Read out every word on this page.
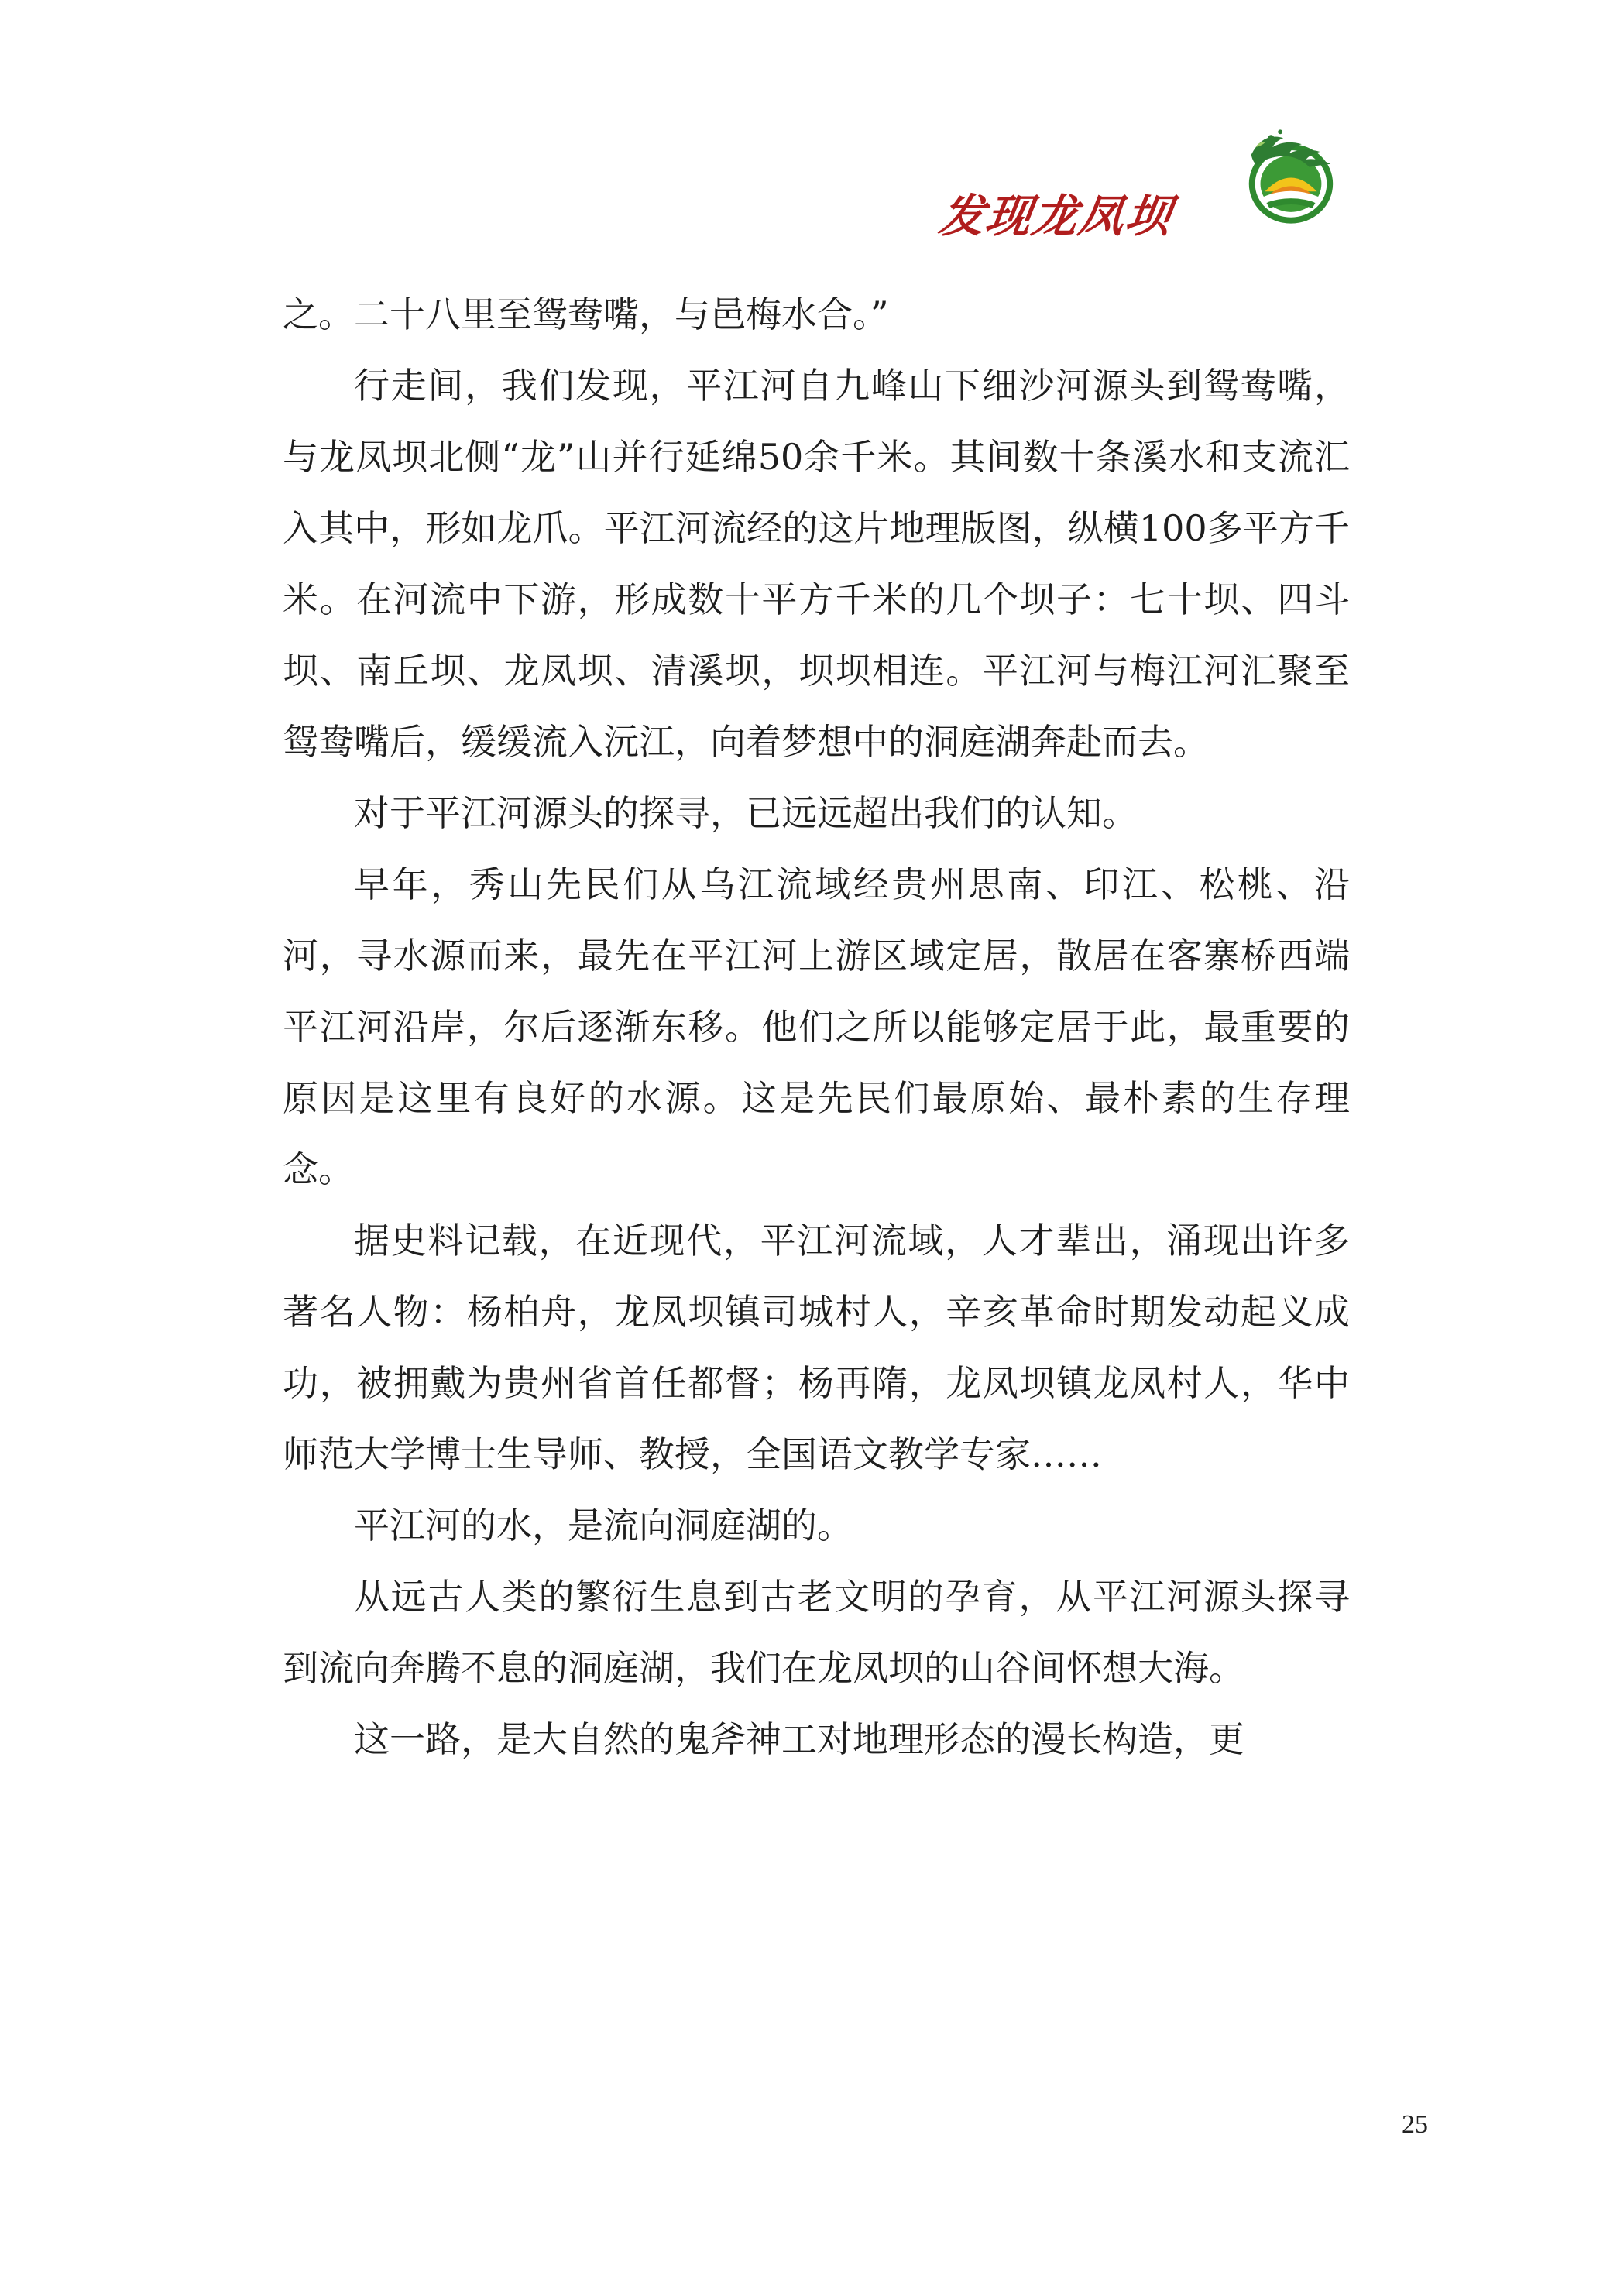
发现龙凤坝

之。二十八里至鸳鸯嘴，与邑梅水合。”

行走间，我们发现，平江河自九峰山下细沙河源头到鸳鸯嘴，与龙凤坝北侧“龙”山并行延绵50余千米。其间数十条溪水和支流汇入其中，形如龙爪。平江河流经的这片地理版图，纵横100多平方千米。在河流中下游，形成数十平方千米的几个坝子：七十坝、四斗坝、南丘坝、龙凤坝、清溪坝，坝坝相连。平江河与梅江河汇聚至鸳鸯嘴后，缓缓流入沅江，向着梦想中的洞庭湖奔赴而去。

对于平江河源头的探寻，已远远超出我们的认知。

早年，秀山先民们从乌江流域经贵州思南、印江、松桃、沿河，寻水源而来，最先在平江河上游区域定居，散居在客寨桥西端平江河沿岸，尔后逐渐东移。他们之所以能够定居于此，最重要的原因是这里有良好的水源。这是先民们最原始、最朴素的生存理念。

据史料记载，在近现代，平江河流域，人才辈出，涌现出许多著名人物：杨柏舟，龙凤坝镇司城村人，辛亥革命时期发动起义成功，被拥戴为贵州省首任都督；杨再隋，龙凤坝镇龙凤村人，华中师范大学博士生导师、教授，全国语文教学专家……

平江河的水，是流向洞庭湖的。

从远古人类的繁衍生息到古老文明的孕育，从平江河源头探寻到流向奔腾不息的洞庭湖，我们在龙凤坝的山谷间怀想大海。

这一路，是大自然的鬼斧神工对地理形态的漫长构造，更

25
